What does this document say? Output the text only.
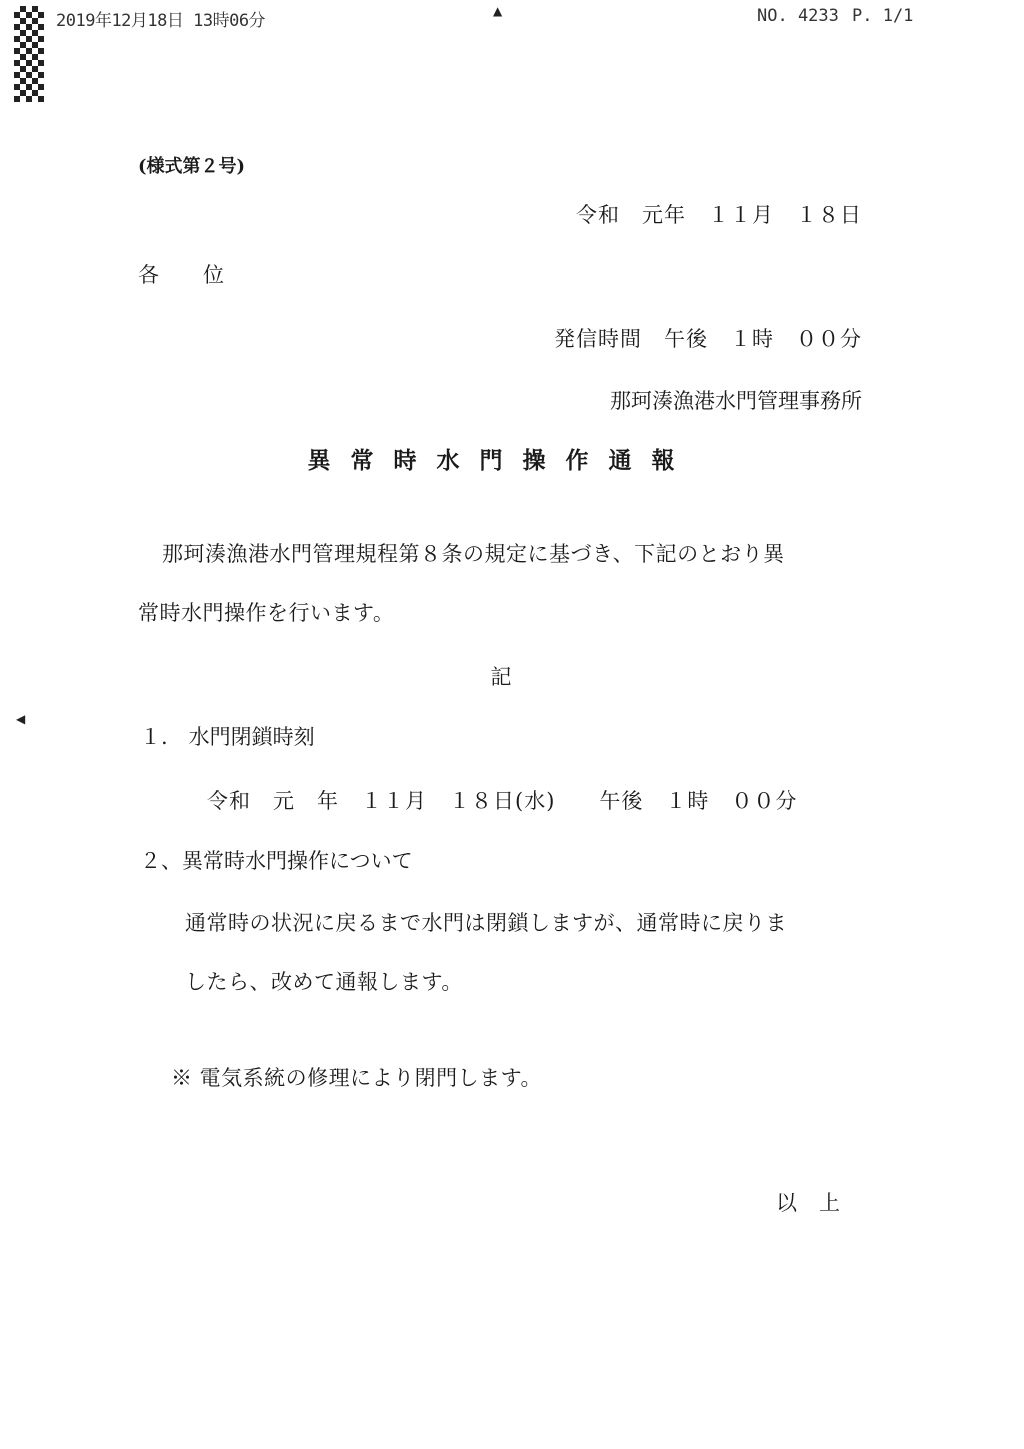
2019年12月18日 13時06分	NO. 4233 P. 1/1
▲
◀
(様式第２号)
令和　元年　１１月　１８日
各位
発信時間　午後　１時　００分
那珂湊漁港水門管理事務所
異常時水門操作通報
那珂湊漁港水門管理規程第８条の規定に基づき、下記のとおり異
常時水門操作を行います。
記
１.　水門閉鎖時刻
令和　元　年　１１月　１８日(水)　　午後　１時　００分
２、異常時水門操作について
通常時の状況に戻るまで水門は閉鎖しますが、通常時に戻りま
したら、改めて通報します。
※ 電気系統の修理により閉門します。
以上
